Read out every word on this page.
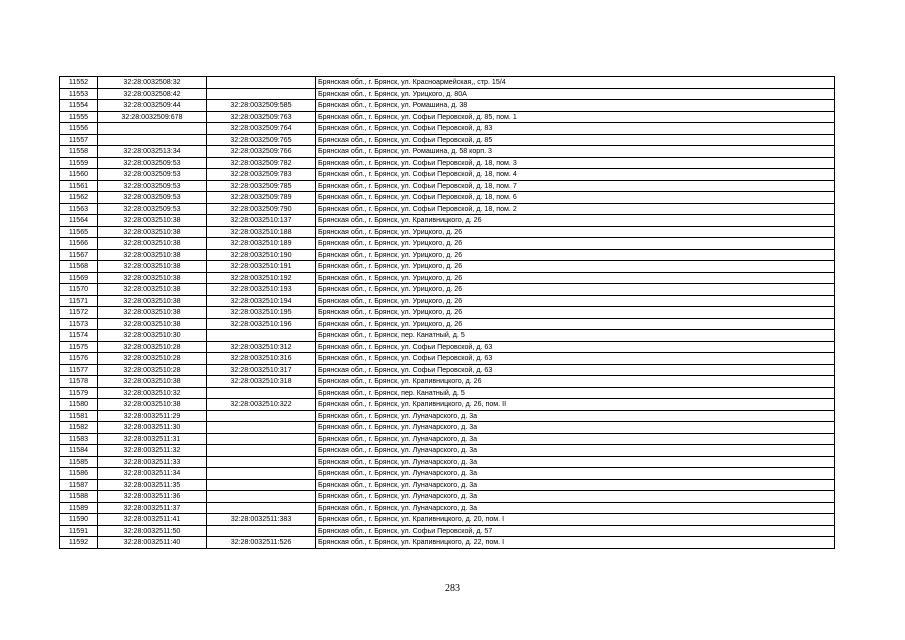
11552	32:28:0032508:32		Брянская обл., г. Брянск, ул. Красноармейская,, стр. 15/4
11553	32:28:0032508:42		Брянская обл., г. Брянск, ул. Урицкого, д. 80А
11554	32:28:0032509:44	32:28:0032509:585	Брянская обл., г. Брянск, ул. Ромашина, д. 38
11555	32:28:0032509:678	32:28:0032509:763	Брянская обл., г. Брянск, ул. Софьи Перовской, д. 85, пом. 1
11556		32:28:0032509:764	Брянская обл., г. Брянск, ул. Софьи Перовской, д. 83
11557		32:28:0032509:765	Брянская обл., г. Брянск, ул. Софьи Перовской, д. 85
11558	32:28:0032513:34	32:28:0032509:766	Брянская обл., г. Брянск, ул. Ромашина, д. 58 корп. 3
11559	32:28:0032509:53	32:28:0032509:782	Брянская обл., г. Брянск, ул. Софьи Перовской, д. 18, пом. 3
11560	32:28:0032509:53	32:28:0032509:783	Брянская обл., г. Брянск, ул. Софьи Перовской, д. 18, пом. 4
11561	32:28:0032509:53	32:28:0032509:785	Брянская обл., г. Брянск, ул. Софьи Перовской, д. 18, пом. 7
11562	32:28:0032509:53	32:28:0032509:789	Брянская обл., г. Брянск, ул. Софьи Перовской, д. 18, пом. 6
11563	32:28:0032509:53	32:28:0032509:790	Брянская обл., г. Брянск, ул. Софьи Перовской, д. 18, пом. 2
11564	32:28:0032510:38	32:28:0032510:137	Брянская обл., г. Брянск, ул. Крапивницкого, д. 26
11565	32:28:0032510:38	32:28:0032510:188	Брянская обл., г. Брянск, ул. Урицкого, д. 26
11566	32:28:0032510:38	32:28:0032510:189	Брянская обл., г. Брянск, ул. Урицкого, д. 26
11567	32:28:0032510:38	32:28:0032510:190	Брянская обл., г. Брянск, ул. Урицкого, д. 26
11568	32:28:0032510:38	32:28:0032510:191	Брянская обл., г. Брянск, ул. Урицкого, д. 26
11569	32:28:0032510:38	32:28:0032510:192	Брянская обл., г. Брянск, ул. Урицкого, д. 26
11570	32:28:0032510:38	32:28:0032510:193	Брянская обл., г. Брянск, ул. Урицкого, д. 26
11571	32:28:0032510:38	32:28:0032510:194	Брянская обл., г. Брянск, ул. Урицкого, д. 26
11572	32:28:0032510:38	32:28:0032510:195	Брянская обл., г. Брянск, ул. Урицкого, д. 26
11573	32:28:0032510:38	32:28:0032510:196	Брянская обл., г. Брянск, ул. Урицкого, д. 26
11574	32:28:0032510:30		Брянская обл., г. Брянск, пер. Канатный, д. 5
11575	32:28:0032510:28	32:28:0032510:312	Брянская обл., г. Брянск, ул. Софьи Перовской, д. 63
11576	32:28:0032510:28	32:28:0032510:316	Брянская обл., г. Брянск, ул. Софьи Перовской, д. 63
11577	32:28:0032510:28	32:28:0032510:317	Брянская обл., г. Брянск, ул. Софьи Перовской, д. 63
11578	32:28:0032510:38	32:28:0032510:318	Брянская обл., г. Брянск, ул. Крапивницкого, д. 26
11579	32:28:0032510:32		Брянская обл., г. Брянск, пер. Канатный, д. 5
11580	32:28:0032510:38	32:28:0032510:322	Брянская обл., г. Брянск, ул. Крапивницкого, д. 26, пом. II
11581	32:28:0032511:29		Брянская обл., г. Брянск, ул. Луначарского, д. 3а
11582	32:28:0032511:30		Брянская обл., г. Брянск, ул. Луначарского, д. 3а
11583	32:28:0032511:31		Брянская обл., г. Брянск, ул. Луначарского, д. 3а
11584	32:28:0032511:32		Брянская обл., г. Брянск, ул. Луначарского, д. 3а
11585	32:28:0032511:33		Брянская обл., г. Брянск, ул. Луначарского, д. 3а
11586	32:28:0032511:34		Брянская обл., г. Брянск, ул. Луначарского, д. 3а
11587	32:28:0032511:35		Брянская обл., г. Брянск, ул. Луначарского, д. 3а
11588	32:28:0032511:36		Брянская обл., г. Брянск, ул. Луначарского, д. 3а
11589	32:28:0032511:37		Брянская обл., г. Брянск, ул. Луначарского, д. 3а
11590	32:28:0032511:41	32:28:0032511:383	Брянская обл., г. Брянск, ул. Крапивницкого, д. 20, пом. I
11591	32:28:0032511:50		Брянская обл., г. Брянск, ул. Софьи Перовской, д. 57
11592	32:28:0032511:40	32:28:0032511:526	Брянская обл., г. Брянск, ул. Крапивницкого, д. 22, пом. I
283
